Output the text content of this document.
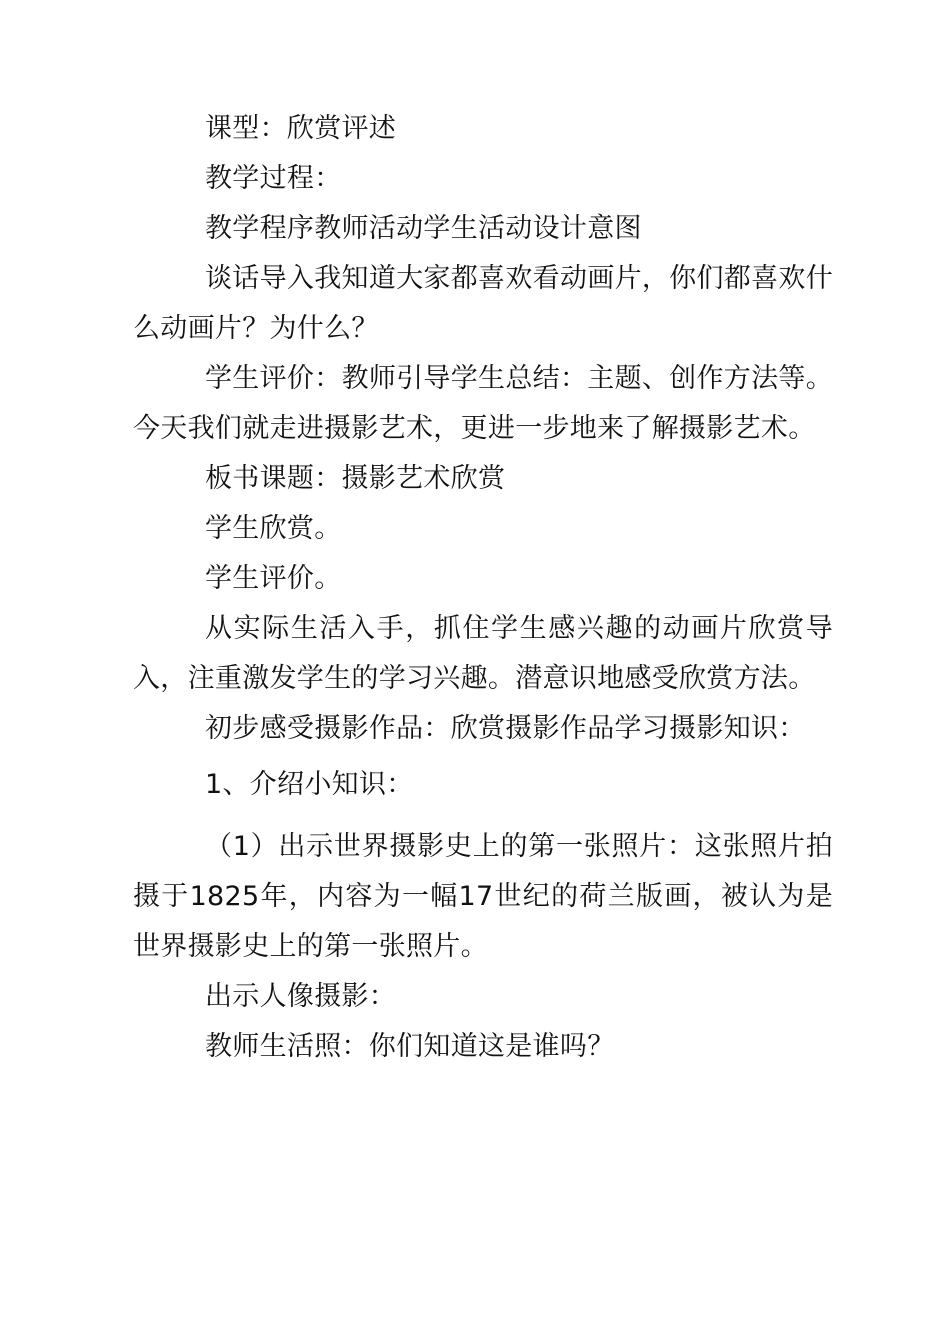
课型：欣赏评述

教学过程：

教学程序教师活动学生活动设计意图

谈话导入我知道大家都喜欢看动画片，你们都喜欢什么动画片？为什么？

学生评价：教师引导学生总结：主题、创作方法等。今天我们就走进摄影艺术，更进一步地来了解摄影艺术。

板书课题：摄影艺术欣赏

学生欣赏。

学生评价。

从实际生活入手，抓住学生感兴趣的动画片欣赏导入，注重激发学生的学习兴趣。潜意识地感受欣赏方法。

初步感受摄影作品：欣赏摄影作品学习摄影知识：

1、介绍小知识：

（1）出示世界摄影史上的第一张照片：这张照片拍摄于1825年，内容为一幅17世纪的荷兰版画，被认为是世界摄影史上的第一张照片。

出示人像摄影：

教师生活照：你们知道这是谁吗？
